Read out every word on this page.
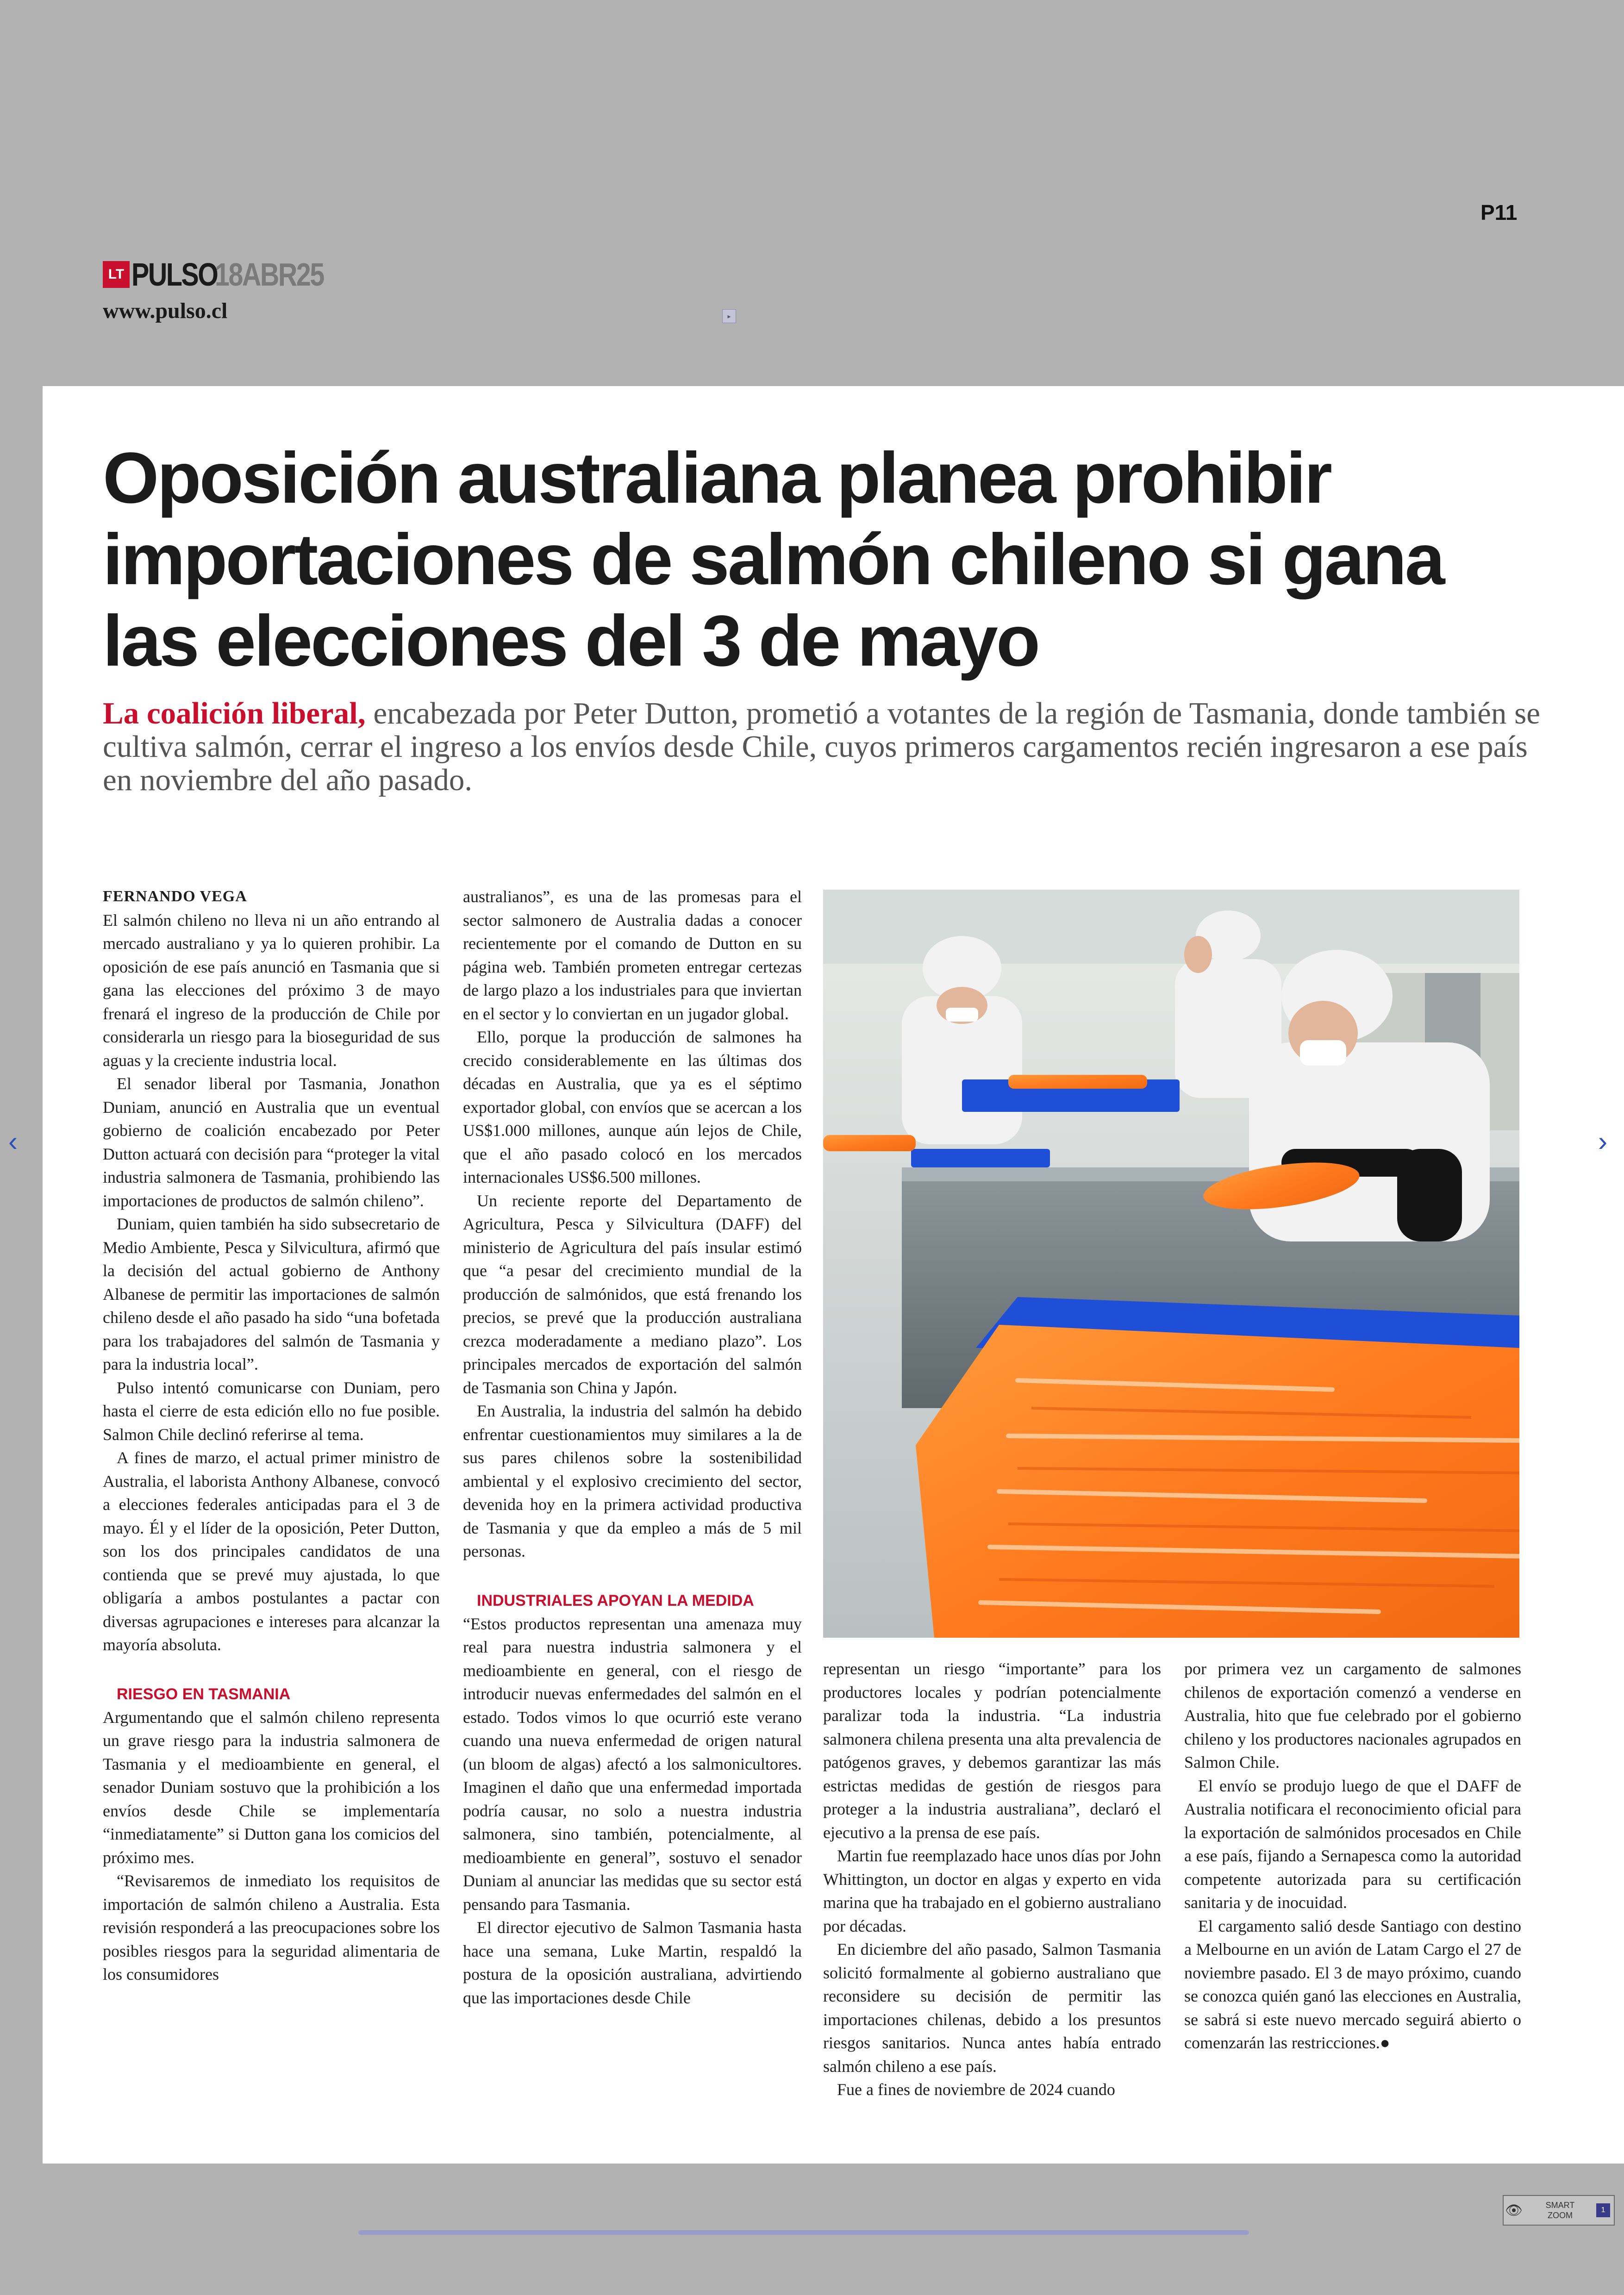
P11
LT PULSO
18ABR25
www.pulso.cl	▸
Oposición australiana planea prohibir importaciones de salmón chileno si gana las elecciones del 3 de mayo

La coalición liberal, encabezada por Peter Dutton, prometió a votantes de la región de Tasmania, donde también se cultiva salmón, cerrar el ingreso a los envíos desde Chile, cuyos primeros cargamentos recién ingresaron a ese país en noviembre del año pasado.

FERNANDO VEGA

El salmón chileno no lleva ni un año entrando al mercado australiano y ya lo quieren prohibir. La oposición de ese país anunció en Tasmania que si gana las elecciones del próximo 3 de mayo frenará el ingreso de la producción de Chile por considerarla un riesgo para la bioseguridad de sus aguas y la creciente industria local.

El senador liberal por Tasmania, Jonathon Duniam, anunció en Australia que un eventual gobierno de coalición encabezado por Peter Dutton actuará con decisión para “proteger la vital industria salmonera de Tasmania, prohibiendo las importaciones de productos de salmón chileno”.

Duniam, quien también ha sido subsecretario de Medio Ambiente, Pesca y Silvicultura, afirmó que la decisión del actual gobierno de Anthony Albanese de permitir las importaciones de salmón chileno desde el año pasado ha sido “una bofetada para los trabajadores del salmón de Tasmania y para la industria local”.

Pulso intentó comunicarse con Duniam, pero hasta el cierre de esta edición ello no fue posible. Salmon Chile declinó referirse al tema.

A fines de marzo, el actual primer ministro de Australia, el laborista Anthony Albanese, convocó a elecciones federales anticipadas para el 3 de mayo. Él y el líder de la oposición, Peter Dutton, son los dos principales candidatos de una contienda que se prevé muy ajustada, lo que obligaría a ambos postulantes a pactar con diversas agrupaciones e intereses para alcanzar la mayoría absoluta.

RIESGO EN TASMANIA

Argumentando que el salmón chileno representa un grave riesgo para la industria salmonera de Tasmania y el medioambiente en general, el senador Duniam sostuvo que la prohibición a los envíos desde Chile se implementaría “inmediatamente” si Dutton gana los comicios del próximo mes.

“Revisaremos de inmediato los requisitos de importación de salmón chileno a Australia. Esta revisión responderá a las preocupaciones sobre los posibles riesgos para la seguridad alimentaria de los consumidores

australianos”, es una de las promesas para el sector salmonero de Australia dadas a conocer recientemente por el comando de Dutton en su página web. También prometen entregar certezas de largo plazo a los industriales para que inviertan en el sector y lo conviertan en un jugador global.

Ello, porque la producción de salmones ha crecido considerablemente en las últimas dos décadas en Australia, que ya es el séptimo exportador global, con envíos que se acercan a los US$1.000 millones, aunque aún lejos de Chile, que el año pasado colocó en los mercados internacionales US$6.500 millones.

Un reciente reporte del Departamento de Agricultura, Pesca y Silvicultura (DAFF) del ministerio de Agricultura del país insular estimó que “a pesar del crecimiento mundial de la producción de salmónidos, que está frenando los precios, se prevé que la producción australiana crezca moderadamente a mediano plazo”. Los principales mercados de exportación del salmón de Tasmania son China y Japón.

En Australia, la industria del salmón ha debido enfrentar cuestionamientos muy similares a la de sus pares chilenos sobre la sostenibilidad ambiental y el explosivo crecimiento del sector, devenida hoy en la primera actividad productiva de Tasmania y que da empleo a más de 5 mil personas.

INDUSTRIALES APOYAN LA MEDIDA

“Estos productos representan una amenaza muy real para nuestra industria salmonera y el medioambiente en general, con el riesgo de introducir nuevas enfermedades del salmón en el estado. Todos vimos lo que ocurrió este verano cuando una nueva enfermedad de origen natural (un bloom de algas) afectó a los salmonicultores. Imaginen el daño que una enfermedad importada podría causar, no solo a nuestra industria salmonera, sino también, potencialmente, al medioambiente en general”, sostuvo el senador Duniam al anunciar las medidas que su sector está pensando para Tasmania.

El director ejecutivo de Salmon Tasmania hasta hace una semana, Luke Martin, respaldó la postura de la oposición australiana, advirtiendo que las importaciones desde Chile

representan un riesgo “importante” para los productores locales y podrían potencialmente paralizar toda la industria. “La industria salmonera chilena presenta una alta prevalencia de patógenos graves, y debemos garantizar las más estrictas medidas de gestión de riesgos para proteger a la industria australiana”, declaró el ejecutivo a la prensa de ese país.

Martin fue reemplazado hace unos días por John Whittington, un doctor en algas y experto en vida marina que ha trabajado en el gobierno australiano por décadas.

En diciembre del año pasado, Salmon Tasmania solicitó formalmente al gobierno australiano que reconsidere su decisión de permitir las importaciones chilenas, debido a los presuntos riesgos sanitarios. Nunca antes había entrado salmón chileno a ese país.

Fue a fines de noviembre de 2024 cuando

por primera vez un cargamento de salmones chilenos de exportación comenzó a venderse en Australia, hito que fue celebrado por el gobierno chileno y los productores nacionales agrupados en Salmon Chile.

El envío se produjo luego de que el DAFF de Australia notificara el reconocimiento oficial para la exportación de salmónidos procesados en Chile a ese país, fijando a Sernapesca como la autoridad competente autorizada para su certificación sanitaria y de inocuidad.

El cargamento salió desde Santiago con destino a Melbourne en un avión de Latam Cargo el 27 de noviembre pasado. El 3 de mayo próximo, cuando se conozca quién ganó las elecciones en Australia, se sabrá si este nuevo mercado seguirá abierto o comenzarán las restricciones.●

‹	›
👁	SMART
ZOOM
1
